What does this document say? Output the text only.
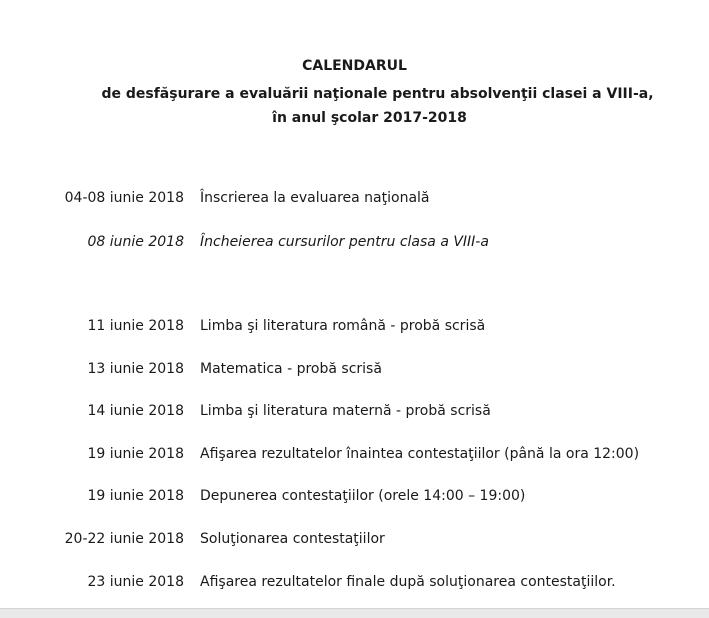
CALENDARUL
de desfăşurare a evaluării naţionale pentru absolvenţii clasei a VIII-a,
în anul şcolar 2017-2018
04-08 iunie 2018 Înscrierea la evaluarea naţională
08 iunie 2018 Încheierea cursurilor pentru clasa a VIII-a
11 iunie 2018 Limba şi literatura română - probă scrisă
13 iunie 2018 Matematica - probă scrisă
14 iunie 2018 Limba şi literatura maternă - probă scrisă
19 iunie 2018 Afişarea rezultatelor înaintea contestaţiilor (până la ora 12:00)
19 iunie 2018 Depunerea contestaţiilor (orele 14:00 – 19:00)
20-22 iunie 2018 Soluţionarea contestaţiilor
23 iunie 2018 Afişarea rezultatelor finale după soluţionarea contestaţiilor.
